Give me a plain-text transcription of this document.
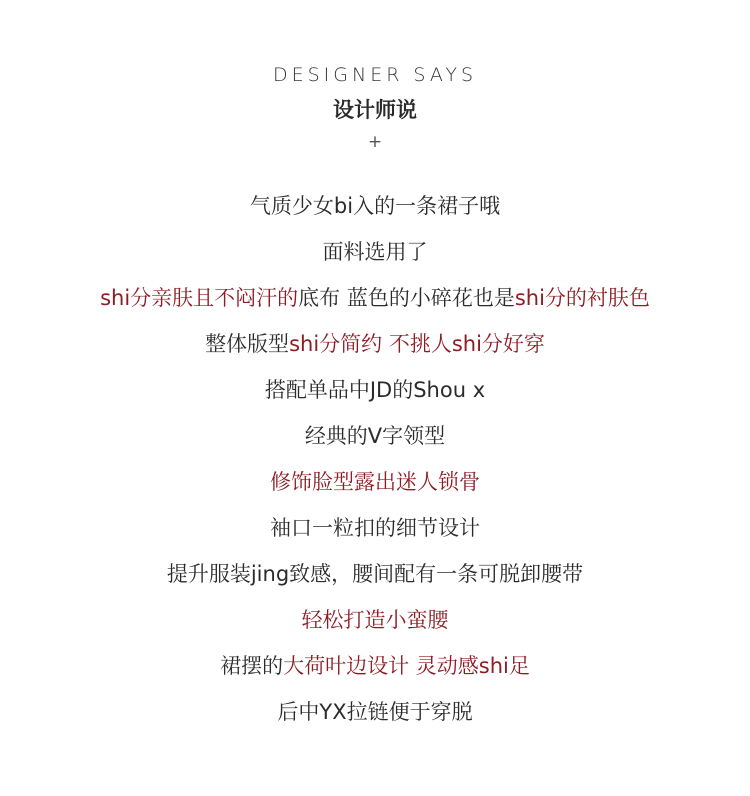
DESIGNER SAYS
设计师说
+
气质少女bi入的一条裙子哦
面料选用了
shi分亲肤且不闷汗的底布 蓝色的小碎花也是shi分的衬肤色
整体版型shi分简约 不挑人shi分好穿
搭配单品中JD的Shou x
经典的V字领型
修饰脸型露出迷人锁骨
袖口一粒扣的细节设计
提升服装jing致感，腰间配有一条可脱卸腰带
轻松打造小蛮腰
裙摆的大荷叶边设计 灵动感shi足
后中YX拉链便于穿脱
